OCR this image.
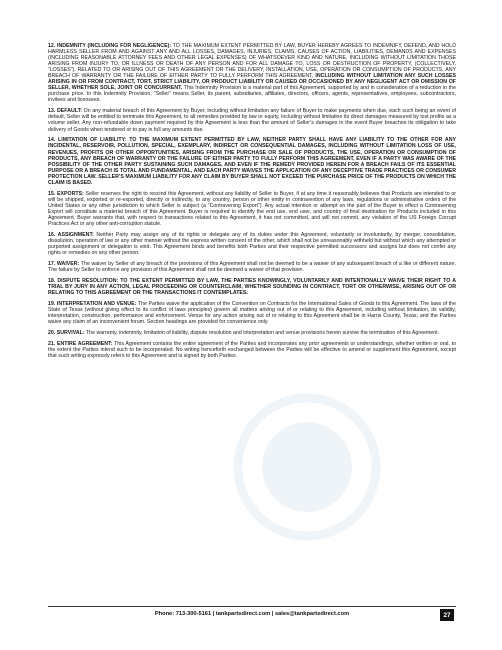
12. INDEMNITY (INCLUDING FOR NEGLIGENCE): TO THE MAXIMUM EXTENT PERMITTED BY LAW, BUYER HEREBY AGREES TO INDEMNIFY, DEFEND, AND HOLD HARMLESS SELLER FROM AND AGAINST ANY AND ALL LOSSES, DAMAGES, INJURIES, CLAIMS, CAUSES OF ACTION, LIABILITIES, DEMANDS AND EXPENSES (INCLUDING REASONABLE ATTORNEY FEES AND OTHER LEGAL EXPENSES) OF WHATSOEVER KIND AND NATURE, INCLUDING WITHOUT LIMITATION THOSE ARISING FROM INJURY TO, OR ILLNESS OR DEATH OF ANY PERSON AND FOR ALL DAMAGE TO, LOSS OR DESTRUCTION OF PROPERTY, (COLLECTIVELY, “LOSSES”), RELATED TO OR ARISING OUT OF THIS AGREEMENT OR THE DELIVERY, INSTALLATION, USE, OPERATION OR CONSUMPTION OF PRODUCTS, ANY BREACH OF WARRANTY OR THE FAILURE OF EITHER PARTY TO FULLY PERFORM THIS AGREEMENT, INCLUDING WITHOUT LIMITATION ANY SUCH LOSSES ARISING IN OR FROM CONTRACT, TORT, STRICT LIABILITY, OR PRODUCT LIABILITY OR CAUSED OR OCCASIONED BY ANY NEGLIGENT ACT OR OMISSION OF SELLER, WHETHER SOLE, JOINT OR CONCURRENT. This Indemnity Provision is a material part of this Agreement, supported by and in consideration of a reduction in the purchase price. In this Indemnity Provision, “Seller” means Seller, its parent, subsidiaries, affiliates, directors, officers, agents, representatives, employees, subcontractors, invitees and licensees.

13. DEFAULT: On any material breach of this Agreement by Buyer, including without limitation any failure of Buyer to make payments when due, each such being an event of default, Seller will be entitled to terminate this Agreement, to all remedies provided by law or equity, including without limitation its direct damages measured by lost profits as a volume seller. Any non-refundable down payment required by this Agreement is less than the amount of Seller’s damages in the event Buyer breaches its obligation to take delivery of Goods when tendered or to pay in full any amounts due.

14. LIMITATION OF LIABILITY: TO THE MAXIMUM EXTENT PERMITTED BY LAW, NEITHER PARTY SHALL HAVE ANY LIABILITY TO THE OTHER FOR ANY INCIDENTAL, RESERVOIR, POLLUTION, SPECIAL, EXEMPLARY, INDIRECT OR CONSEQUENTIAL DAMAGES, INCLUDING WITHOUT LIMITATION LOSS OF USE, REVENUES, PROFITS OR OTHER OPPORTUNITIES, ARISING FROM THE PURCHASE OR SALE OF PRODUCTS, THE USE, OPERATION OR CONSUMPTION OF PRODUCTS, ANY BREACH OF WARRANTY OR THE FAILURE OF EITHER PARTY TO FULLY PERFORM THIS AGREEMENT, EVEN IF A PARTY WAS AWARE OF THE POSSIBILITY OF THE OTHER PARTY SUSTAINING SUCH DAMAGES, AND EVEN IF THE REMEDY PROVIDED HEREIN FOR A BREACH FAILS OF ITS ESSENTIAL PURPOSE OR A BREACH IS TOTAL AND FUNDAMENTAL, AND EACH PARTY WAIVES THE APPLICATION OF ANY DECEPTIVE TRADE PRACTICES OR CONSUMER PROTECTION LAW. SELLER’S MAXIMUM LIABILITY FOR ANY CLAIM BY BUYER SHALL NOT EXCEED THE PURCHASE PRICE OF THE PRODUCTS ON WHICH THE CLAIM IS BASED.

15. EXPORTS: Seller reserves the right to rescind this Agreement, without any liability of Seller to Buyer, if at any time it reasonably believes that Products are intended to or will be shipped, exported or re-exported, directly or indirectly, to any country, person or other entity in contravention of any laws, regulations or administrative orders of the United States or any other jurisdiction to which Seller is subject (a “Contravening Export”). Any actual intention or attempt on the part of the Buyer to effect a Contravening Export will constitute a material breach of this Agreement. Buyer is required to identify the end use, end user, and country of final destination for Products included in this Agreement. Buyer warrants that, with respect to transactions related to this Agreement, it has not committed, and will not commit, any violation of the US Foreign Corrupt Practices Act or any other anti-corruption statute.

16. ASSIGNMENT: Neither Party may assign any of its rights or delegate any of its duties under this Agreement, voluntarily or involuntarily, by merger, consolidation, dissolution, operation of law or any other manner without the express written consent of the other, which shall not be unreasonably withheld but without which any attempted or purported assignment or delegation is void. This Agreement binds and benefits both Parties and their respective permitted successors and assigns but does not confer any rights or remedies on any other person.

17. WAIVER: The waiver by Seller of any breach of the provisions of this Agreement shall not be deemed to be a waiver of any subsequent breach of a like or different nature. The failure by Seller to enforce any provision of this Agreement shall not be deemed a waiver of that provision.

18. DISPUTE RESOLUTION: TO THE EXTENT PERMITTED BY LAW, THE PARTIES KNOWINGLY, VOLUNTARILY AND INTENTIONALLY WAIVE THEIR RIGHT TO A TRIAL BY JURY IN ANY ACTION, LEGAL PROCEEDING OR COUNTERCLAIM, WHETHER SOUNDING IN CONTRACT, TORT OR OTHERWISE, ARISING OUT OF OR RELATING TO THIS AGREEMENT OR THE TRANSACTIONS IT CONTEMPLATES.

19. INTERPRETATION AND VENUE: The Parties waive the application of the Convention on Contracts for the International Sales of Goods to this Agreement. The laws of the State of Texas (without giving effect to its conflict of laws principles) govern all matters arising out of or relating to this Agreement, including without limitation, its validity, interpretation, construction, performance and enforcement. Venue for any action arising out of or relating to this Agreement shall be in Harris County, Texas; and the Parties waive any claim of an inconvenient forum. Section headings are provided for convenience only.

20. SURVIVAL: The warranty, indemnity, limitation of liability, dispute resolution and interpretation and venue provisions herein survive the termination of this Agreement.

21. ENTIRE AGREEMENT: This Agreement contains the entire agreement of the Parties and incorporates any prior agreements or understandings, whether written or oral, to the extent the Parties intend such to be incorporated. No writing henceforth exchanged between the Parties will be effective to amend or supplement this Agreement, except that such writing expressly refers to this Agreement and is signed by both Parties.

Phone: 713-300-5161 | tankpartsdirect.com | sales@tankpartsdirect.com	27
